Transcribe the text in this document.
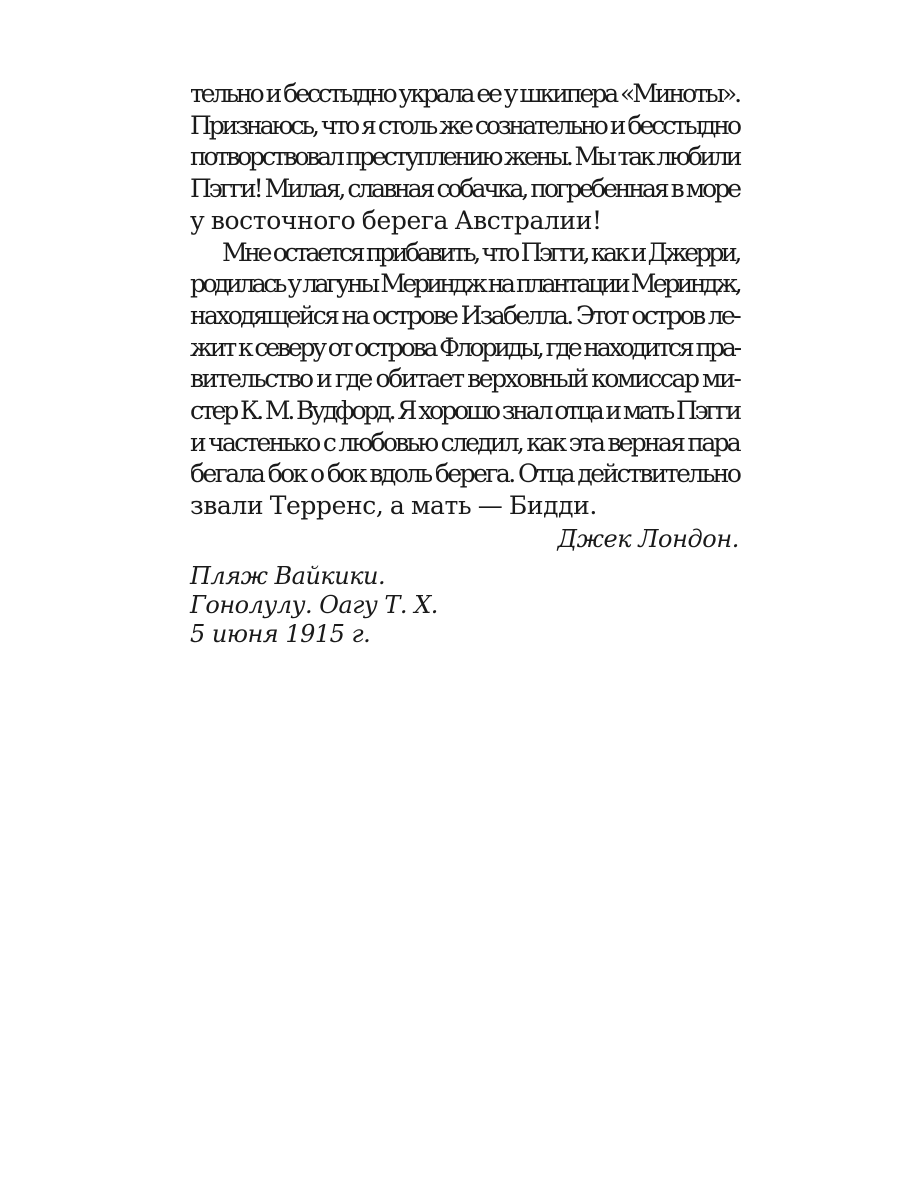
тельно и бесстыдно украла ее у шкипера «Миноты».
Признаюсь, что я столь же сознательно и бесстыдно
потворствовал преступлению жены. Мы так любили
Пэгги! Милая, славная собачка, погребенная в море
у восточного берега Австралии!
Мне остается прибавить, что Пэгги, как и Джерри,
родилась у лагуны Мериндж на плантации Мериндж,
находящейся на острове Изабелла. Этот остров ле-
жит к северу от острова Флориды, где находится пра-
вительство и где обитает верховный комиссар ми-
стер К. М. Вудфорд. Я хорошо знал отца и мать Пэгги
и частенько с любовью следил, как эта верная пара
бегала бок о бок вдоль берега. Отца действительно
звали Терренс, а мать — Бидди.
Джек Лондон.
Пляж Вайкики.
Гонолулу. Оагу Т. Х.
5 июня 1915 г.
